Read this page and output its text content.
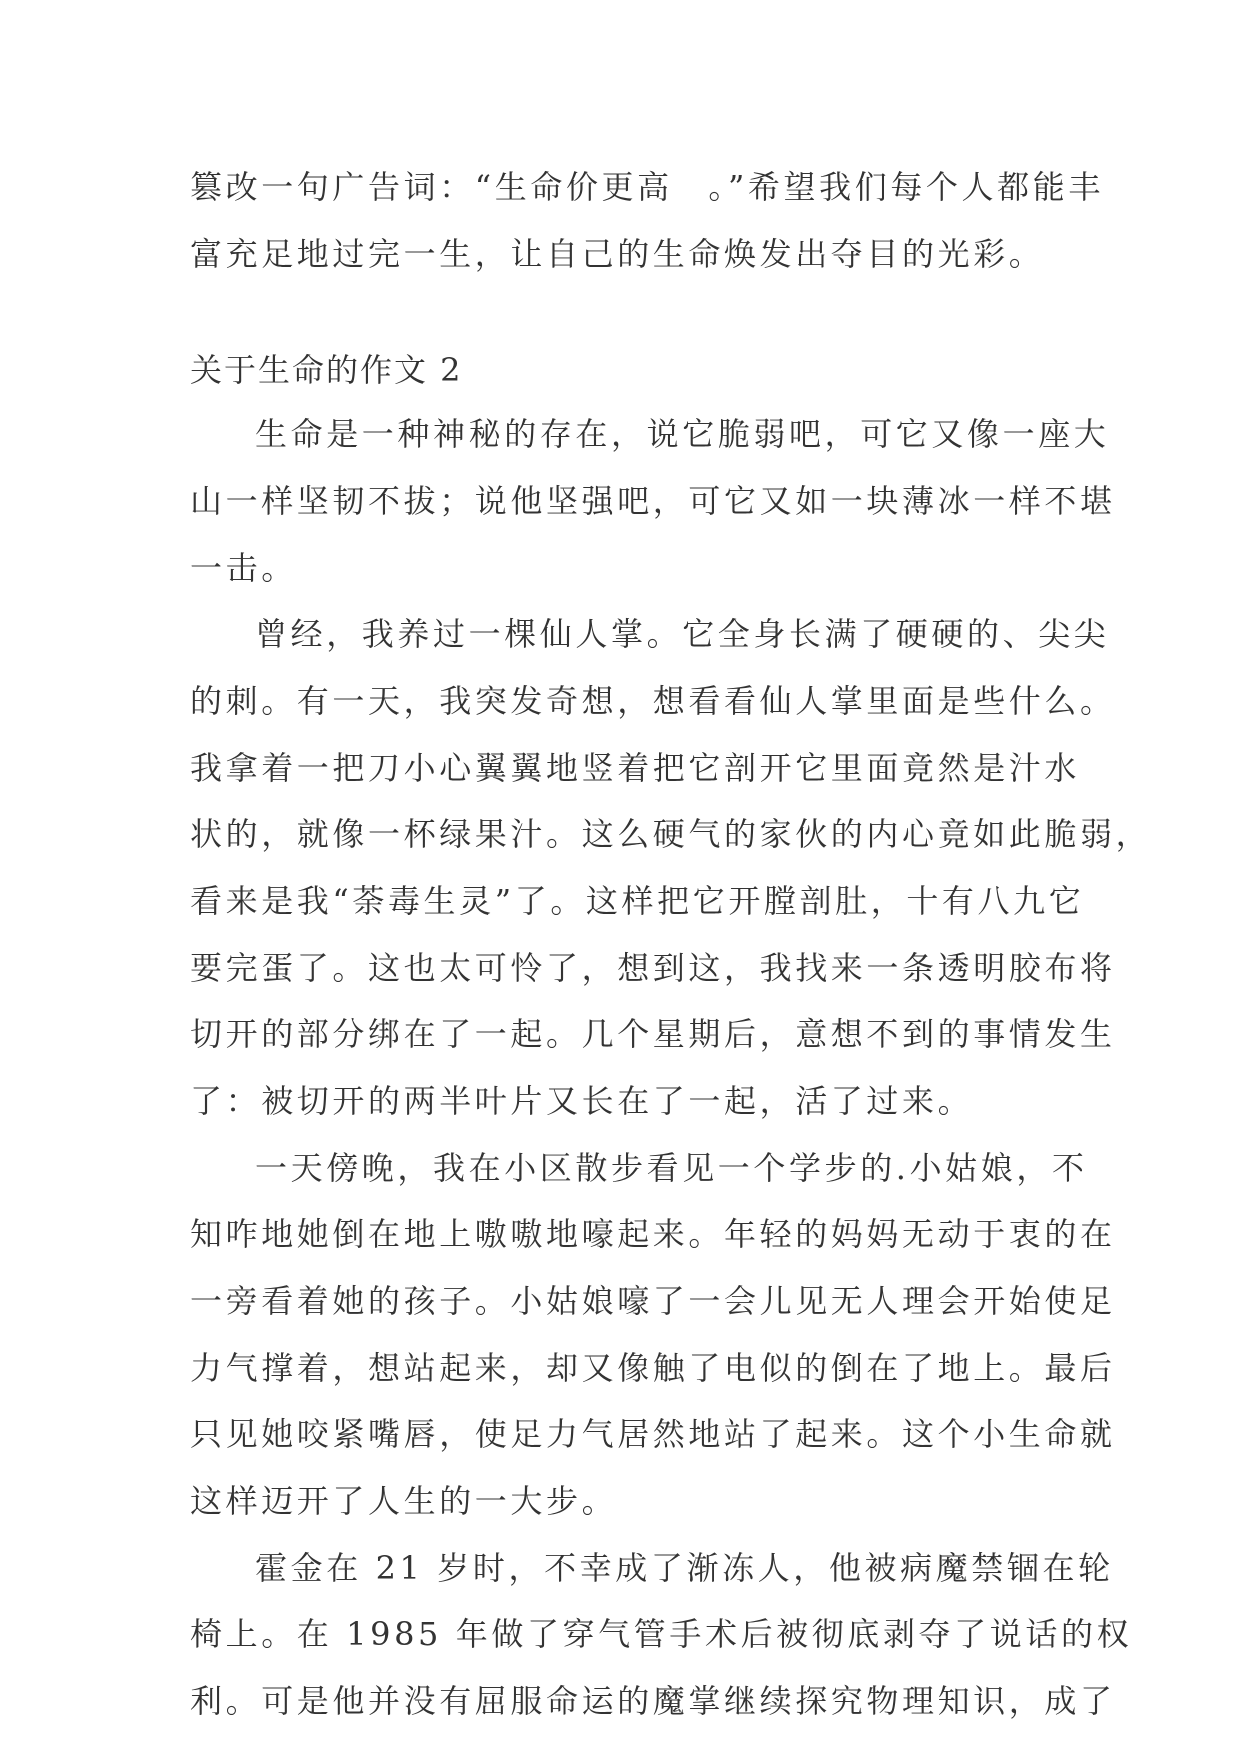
篡改一句广告词：“生命价更高　。”希望我们每个人都能丰
富充足地过完一生，让自己的生命焕发出夺目的光彩。
关于生命的作文 2
生命是一种神秘的存在，说它脆弱吧，可它又像一座大
山一样坚韧不拔；说他坚强吧，可它又如一块薄冰一样不堪
一击。
曾经，我养过一棵仙人掌。它全身长满了硬硬的、尖尖
的刺。有一天，我突发奇想，想看看仙人掌里面是些什么。
我拿着一把刀小心翼翼地竖着把它剖开它里面竟然是汁水
状的，就像一杯绿果汁。这么硬气的家伙的内心竟如此脆弱，
看来是我“荼毒生灵”了。这样把它开膛剖肚，十有八九它
要完蛋了。这也太可怜了，想到这，我找来一条透明胶布将
切开的部分绑在了一起。几个星期后，意想不到的事情发生
了：被切开的两半叶片又长在了一起，活了过来。
一天傍晚，我在小区散步看见一个学步的.小姑娘，不
知咋地她倒在地上嗷嗷地嚎起来。年轻的妈妈无动于衷的在
一旁看着她的孩子。小姑娘嚎了一会儿见无人理会开始使足
力气撑着，想站起来，却又像触了电似的倒在了地上。最后
只见她咬紧嘴唇，使足力气居然地站了起来。这个小生命就
这样迈开了人生的一大步。
霍金在 21 岁时，不幸成了渐冻人，他被病魔禁锢在轮
椅上。在 1985 年做了穿气管手术后被彻底剥夺了说话的权
利。可是他并没有屈服命运的魔掌继续探究物理知识，成了
